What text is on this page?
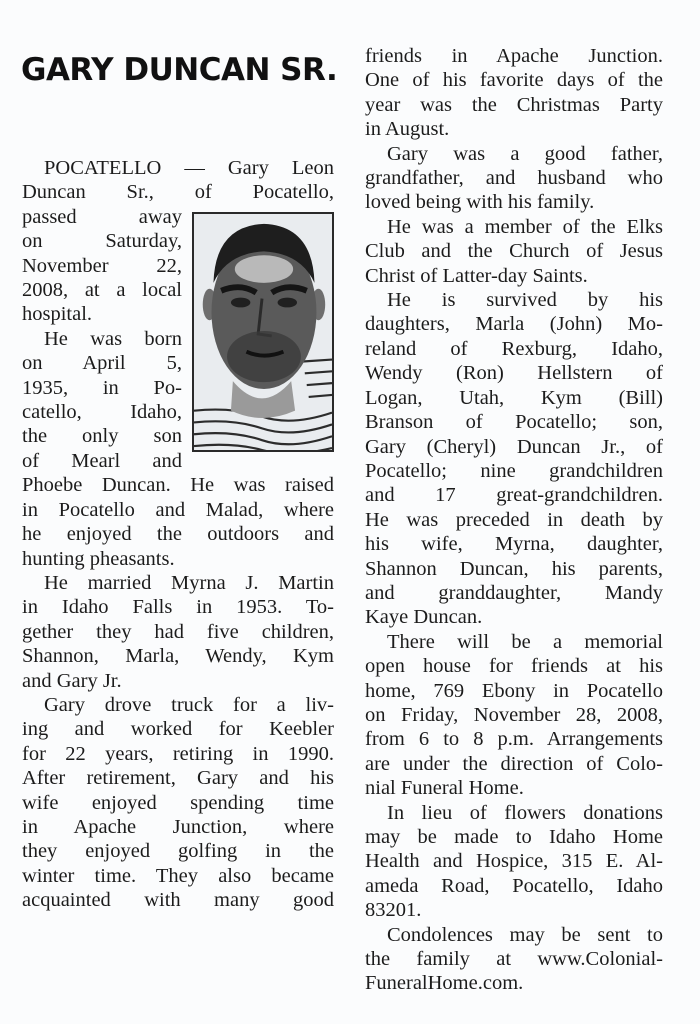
GARY DUNCAN SR.

POCATELLO — Gary Leon
Duncan Sr., of Pocatello,

passed away
on Saturday,
November 22,
2008, at a local
hospital.

He was born
on April 5,
1935, in Po-
catello, Idaho,
the only son
of Mearl and
Phoebe Duncan. He was raised
in Pocatello and Malad, where
he enjoyed the outdoors and
hunting pheasants.

He married Myrna J. Martin
in Idaho Falls in 1953. To-
gether they had five children,
Shannon, Marla, Wendy, Kym
and Gary Jr.

Gary drove truck for a liv-
ing and worked for Keebler
for 22 years, retiring in 1990.
After retirement, Gary and his
wife enjoyed spending time
in Apache Junction, where
they enjoyed golfing in the
winter time. They also became
acquainted with many good

friends in Apache Junction.
One of his favorite days of the
year was the Christmas Party
in August.

Gary was a good father,
grandfather, and husband who
loved being with his family.

He was a member of the Elks
Club and the Church of Jesus
Christ of Latter-day Saints.

He is survived by his
daughters, Marla (John) Mo-
reland of Rexburg, Idaho,
Wendy (Ron) Hellstern of
Logan, Utah, Kym (Bill)
Branson of Pocatello; son,
Gary (Cheryl) Duncan Jr., of
Pocatello; nine grandchildren
and 17 great-grandchildren.
He was preceded in death by
his wife, Myrna, daughter,
Shannon Duncan, his parents,
and granddaughter, Mandy
Kaye Duncan.

There will be a memorial
open house for friends at his
home, 769 Ebony in Pocatello
on Friday, November 28, 2008,
from 6 to 8 p.m. Arrangements
are under the direction of Colo-
nial Funeral Home.

In lieu of flowers donations
may be made to Idaho Home
Health and Hospice, 315 E. Al-
ameda Road, Pocatello, Idaho
83201.

Condolences may be sent to
the family at www.Colonial-
FuneralHome.com.
